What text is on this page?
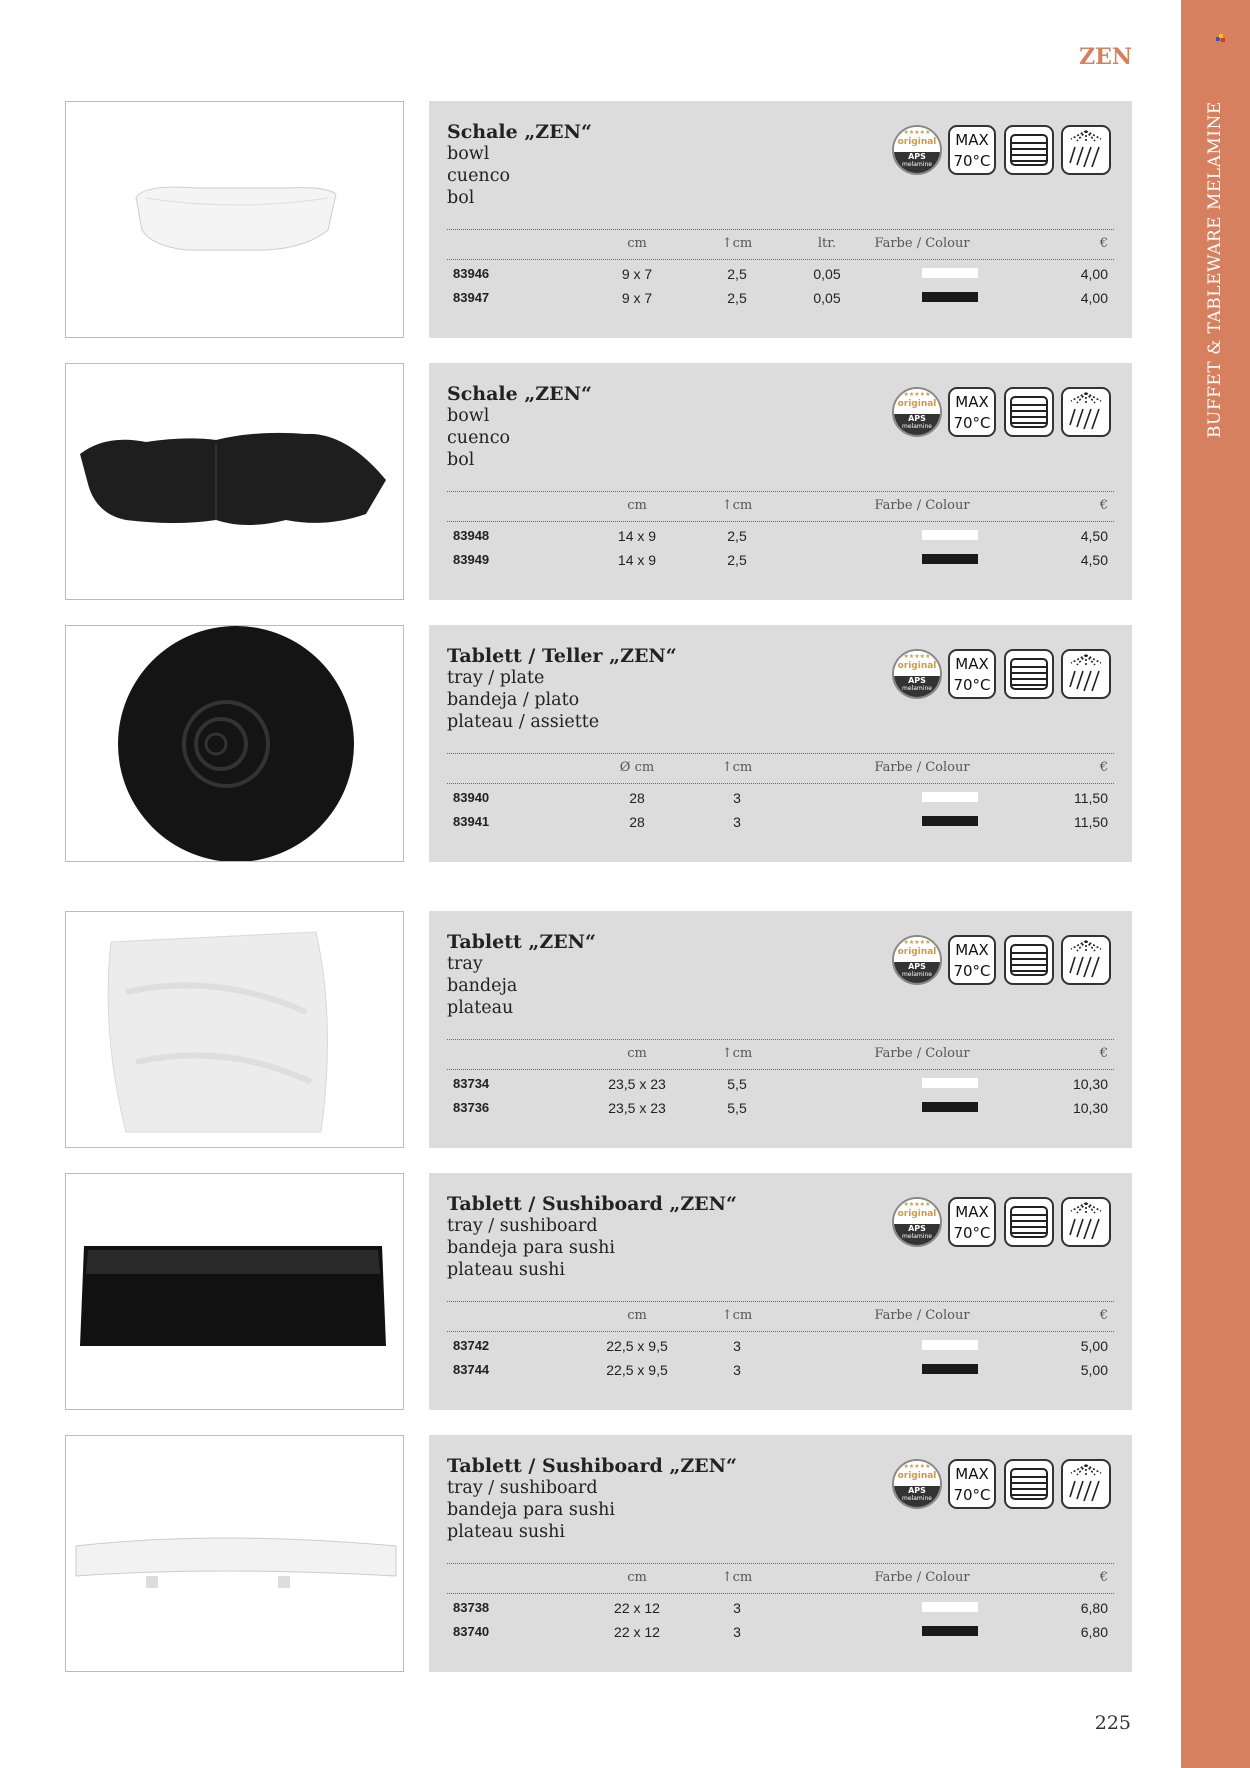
BUFFET & TABLEWARE MELAMINE
ZEN
Schale „ZEN“
bowl
cuenco
bol
★★★★★
original
APS
melamine
MAX
70°C
cm	↑cm	ltr.	Farbe / Colour	€
83946	9 x 7	2,5	0,05	4,00
83947	9 x 7	2,5	0,05	4,00
Schale „ZEN“
bowl
cuenco
bol
★★★★★
original
APS
melamine
MAX
70°C
cm	↑cm	Farbe / Colour	€
83948	14 x 9	2,5	4,50
83949	14 x 9	2,5	4,50
Tablett / Teller „ZEN“
tray / plate
bandeja / plato
plateau / assiette
★★★★★
original
APS
melamine
MAX
70°C
Ø cm	↑cm	Farbe / Colour	€
83940	28	3	11,50
83941	28	3	11,50
Tablett „ZEN“
tray
bandeja
plateau
★★★★★
original
APS
melamine
MAX
70°C
cm	↑cm	Farbe / Colour	€
83734	23,5 x 23	5,5	10,30
83736	23,5 x 23	5,5	10,30
Tablett / Sushiboard „ZEN“
tray / sushiboard
bandeja para sushi
plateau sushi
★★★★★
original
APS
melamine
MAX
70°C
cm	↑cm	Farbe / Colour	€
83742	22,5 x 9,5	3	5,00
83744	22,5 x 9,5	3	5,00
Tablett / Sushiboard „ZEN“
tray / sushiboard
bandeja para sushi
plateau sushi
★★★★★
original
APS
melamine
MAX
70°C
cm	↑cm	Farbe / Colour	€
83738	22 x 12	3	6,80
83740	22 x 12	3	6,80
225
